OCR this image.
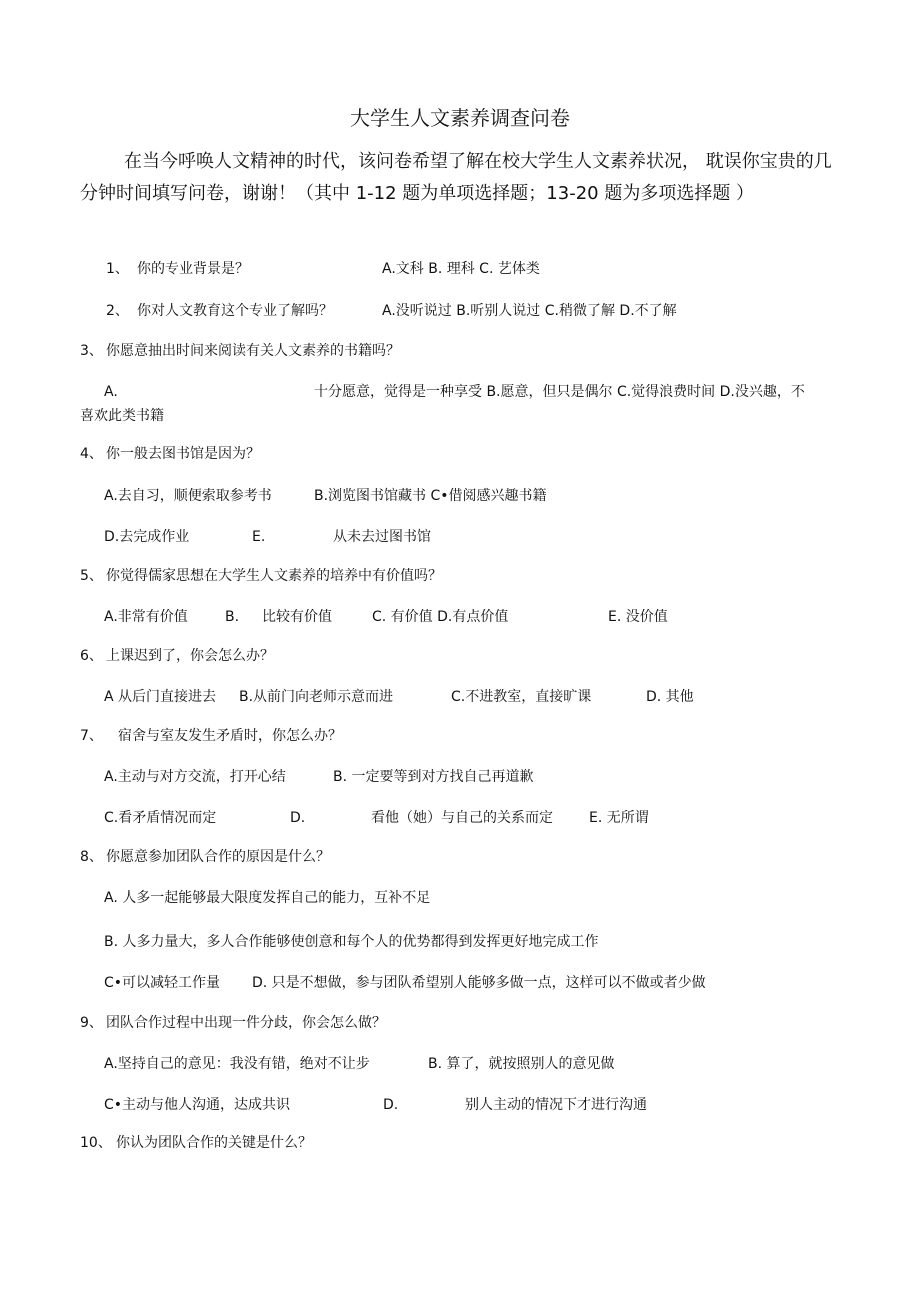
大学生人文素养调查问卷
在当今呼唤人文精神的时代，该问卷希望了解在校大学生人文素养状况， 耽误你宝贵的几分钟时间填写问卷，谢谢！（其中 1-12 题为单项选择题；13-20 题为多项选择题 ）
1、 你的专业背景是？	A.文科 B. 理科 C. 艺体类
2、 你对人文教育这个专业了解吗？	A.没听说过 B.听别人说过 C.稍微了解 D.不了解
3、 你愿意抽出时间来阅读有关人文素养的书籍吗？
A.	十分愿意，觉得是一种享受 B.愿意，但只是偶尔 C.觉得浪费时间 D.没兴趣，不
喜欢此类书籍
4、 你一般去图书馆是因为？
A.去自习，顺便索取参考书	B.浏览图书馆藏书 C•借阅感兴趣书籍
D.去完成作业	E.	从未去过图书馆
5、 你觉得儒家思想在大学生人文素养的培养中有价值吗？
A.非常有价值	B. 比较有价值	C. 有价值 D.有点价值	E. 没价值
6、 上课迟到了，你会怎么办？
A 从后门直接进去 B.从前门向老师示意而进	C.不进教室，直接旷课	D. 其他
7、 宿舍与室友发生矛盾时，你怎么办？
A.主动与对方交流，打开心结	B. 一定要等到对方找自己再道歉
C.看矛盾情况而定	D.	看他（她）与自己的关系而定	E. 无所谓
8、 你愿意参加团队合作的原因是什么？
A. 人多一起能够最大限度发挥自己的能力，互补不足
B. 人多力量大，多人合作能够使创意和每个人的优势都得到发挥更好地完成工作
C•可以减轻工作量 D. 只是不想做，参与团队希望别人能够多做一点，这样可以不做或者少做
9、 团队合作过程中出现一件分歧，你会怎么做？
A.坚持自己的意见：我没有错，绝对不让步	B. 算了，就按照别人的意见做
C•主动与他人沟通，达成共识	D.	别人主动的情况下才进行沟通
10、 你认为团队合作的关键是什么？
